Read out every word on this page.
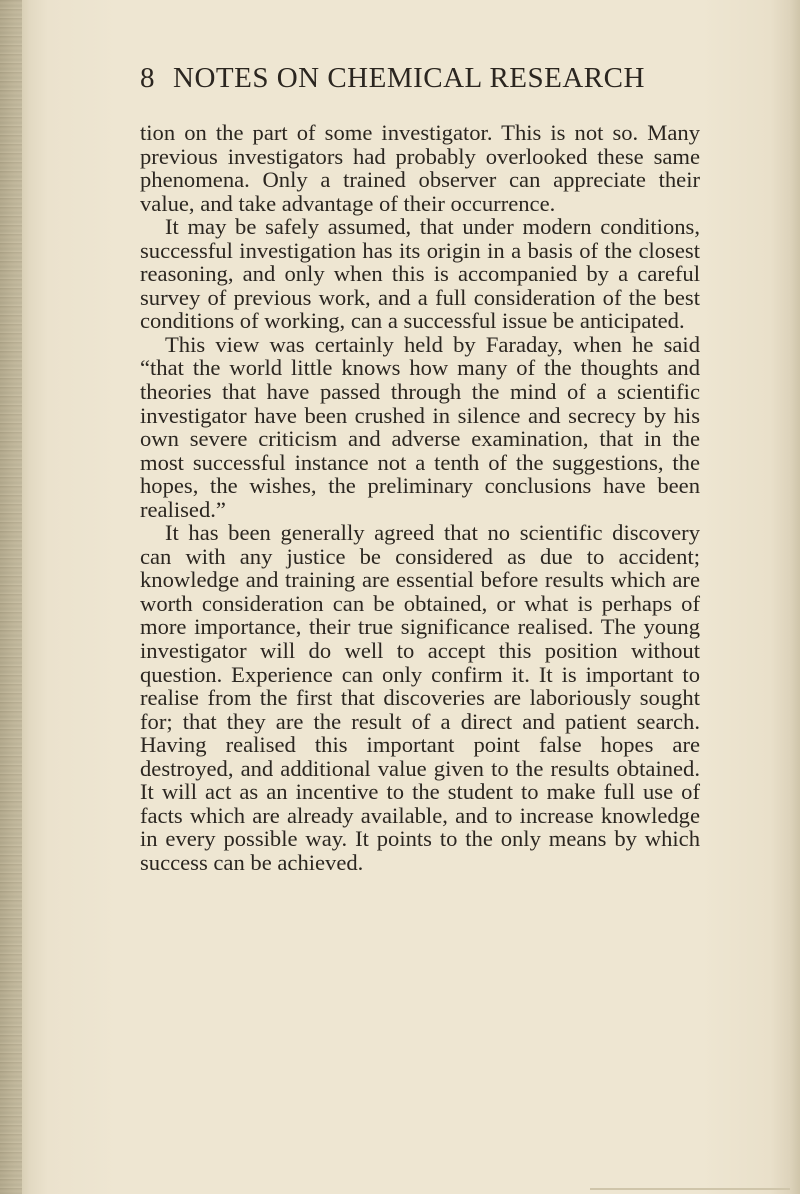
8 NOTES ON CHEMICAL RESEARCH

tion on the part of some investigator. This is not so. Many previous investigators had probably overlooked these same phenomena. Only a trained observer can appreciate their value, and take advantage of their occurrence.

It may be safely assumed, that under modern conditions, successful investigation has its origin in a basis of the closest reasoning, and only when this is accompanied by a careful survey of previous work, and a full consideration of the best conditions of working, can a successful issue be anticipated.

This view was certainly held by Faraday, when he said “that the world little knows how many of the thoughts and theories that have passed through the mind of a scientific investigator have been crushed in silence and secrecy by his own severe criticism and adverse examination, that in the most successful instance not a tenth of the suggestions, the hopes, the wishes, the preliminary conclusions have been realised.”

It has been generally agreed that no scientific discovery can with any justice be considered as due to accident; knowledge and training are essential before results which are worth consideration can be obtained, or what is perhaps of more importance, their true significance realised. The young investigator will do well to accept this position without question. Experience can only confirm it. It is important to realise from the first that discoveries are laboriously sought for; that they are the result of a direct and patient search. Having realised this important point false hopes are destroyed, and additional value given to the results obtained. It will act as an incentive to the student to make full use of facts which are already available, and to increase knowledge in every possible way. It points to the only means by which success can be achieved.
